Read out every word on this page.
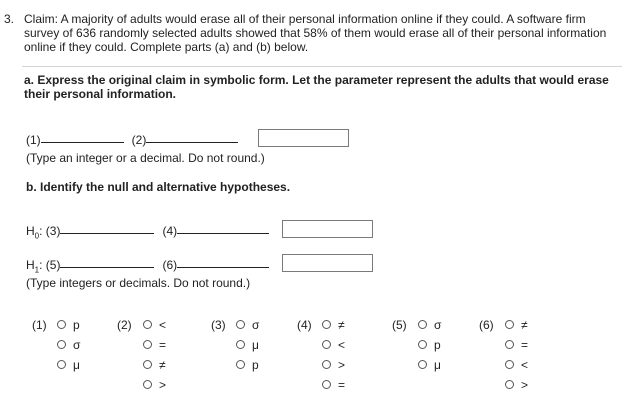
3. Claim: A majority of adults would erase all of their personal information online if they could. A software firm survey of 636 randomly selected adults showed that 58% of them would erase all of their personal information online if they could. Complete parts (a) and (b) below.
a. Express the original claim in symbolic form. Let the parameter represent the adults that would erase their personal information.
(1)	(2)
(Type an integer or a decimal. Do not round.)
b. Identify the null and alternative hypotheses.
$H_0$: (3)	(4)
$H_1$: (5)	(6)
(Type integers or decimals. Do not round.)
(1)	p
σ
μ
(2)	<
=
≠
>
(3)	σ
μ
p
(4)	≠
<
>
=
(5)	σ
p
μ
(6)	≠
=
<
>
